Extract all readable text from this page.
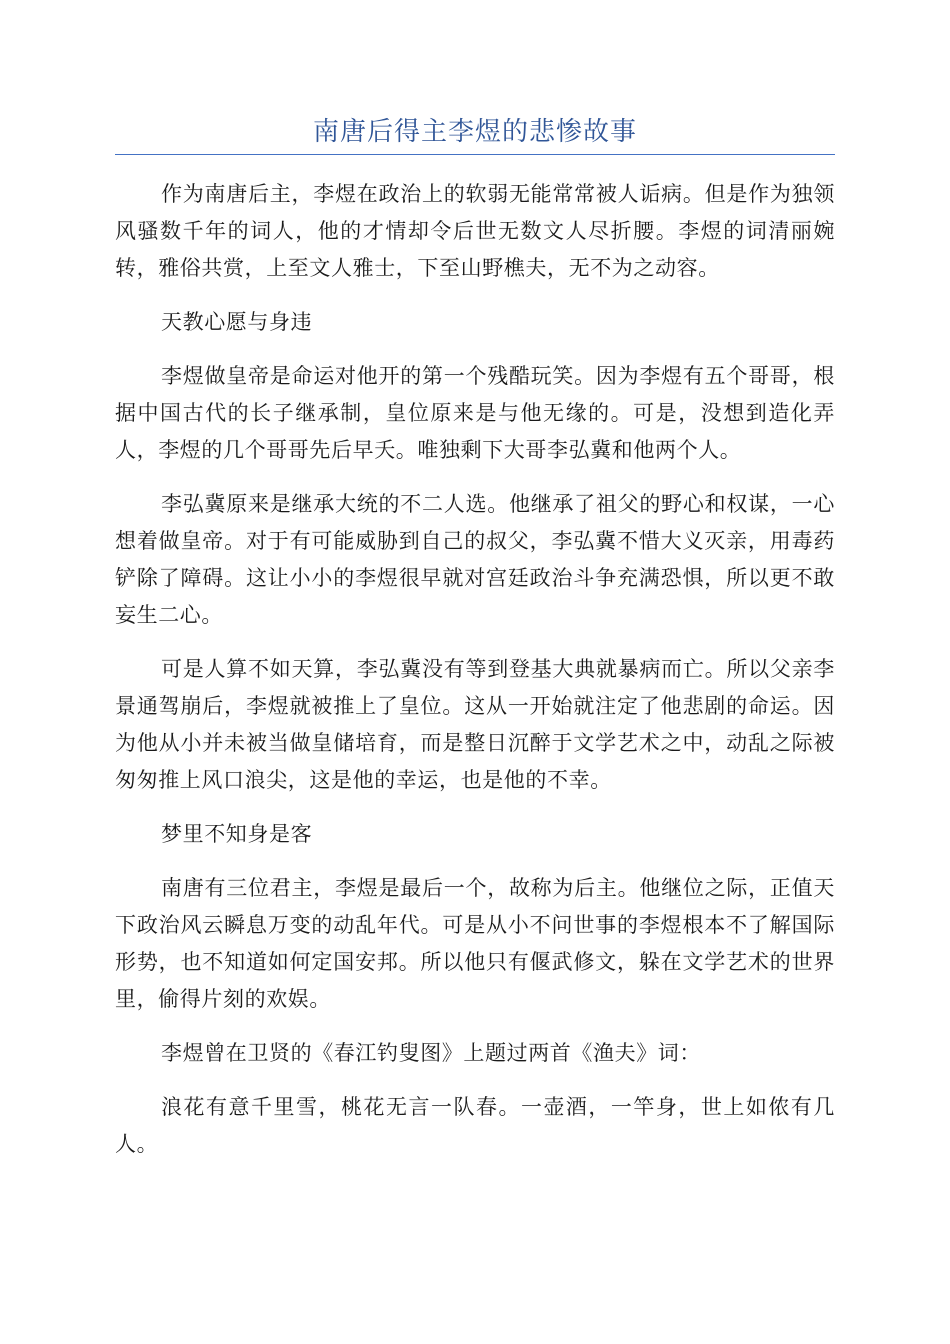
南唐后得主李煜的悲惨故事

作为南唐后主，李煜在政治上的软弱无能常常被人诟病。但是作为独领风骚数千年的词人，他的才情却令后世无数文人尽折腰。李煜的词清丽婉转，雅俗共赏，上至文人雅士，下至山野樵夫，无不为之动容。

天教心愿与身违

李煜做皇帝是命运对他开的第一个残酷玩笑。因为李煜有五个哥哥，根据中国古代的长子继承制，皇位原来是与他无缘的。可是，没想到造化弄人，李煜的几个哥哥先后早夭。唯独剩下大哥李弘冀和他两个人。

李弘冀原来是继承大统的不二人选。他继承了祖父的野心和权谋，一心想着做皇帝。对于有可能威胁到自己的叔父，李弘冀不惜大义灭亲，用毒药铲除了障碍。这让小小的李煜很早就对宫廷政治斗争充满恐惧，所以更不敢妄生二心。

可是人算不如天算，李弘冀没有等到登基大典就暴病而亡。所以父亲李景通驾崩后，李煜就被推上了皇位。这从一开始就注定了他悲剧的命运。因为他从小并未被当做皇储培育，而是整日沉醉于文学艺术之中，动乱之际被匆匆推上风口浪尖，这是他的幸运，也是他的不幸。

梦里不知身是客

南唐有三位君主，李煜是最后一个，故称为后主。他继位之际，正值天下政治风云瞬息万变的动乱年代。可是从小不问世事的李煜根本不了解国际形势，也不知道如何定国安邦。所以他只有偃武修文，躲在文学艺术的世界里，偷得片刻的欢娱。

李煜曾在卫贤的《春江钓叟图》上题过两首《渔夫》词：

浪花有意千里雪，桃花无言一队春。一壶酒，一竿身，世上如侬有几人。
